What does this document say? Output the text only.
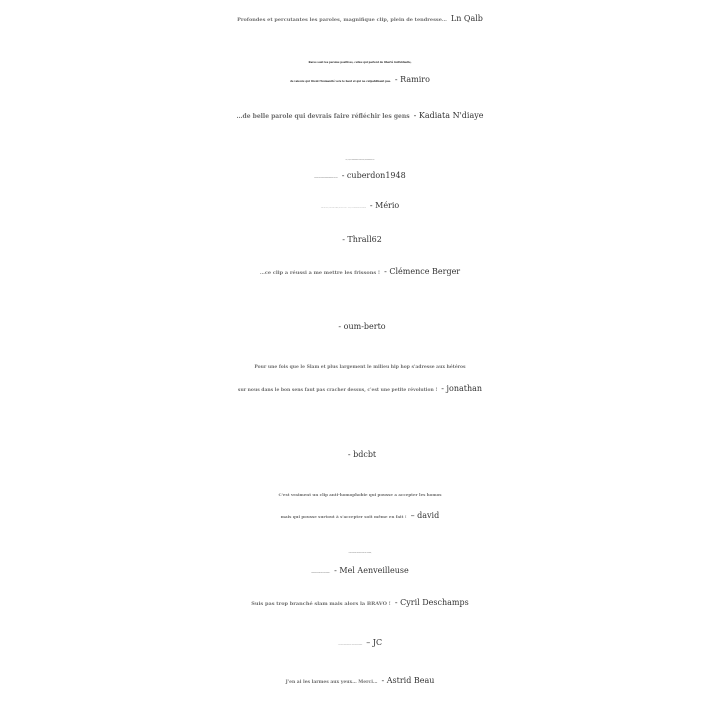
Profondes et percutantes les paroles, magnifique clip, plein de tendresse… Ln Qalb
Rares sont les paroles positives, celles qui parlent de liberté individuelle,
de valeurs qui tirent l'humanité vers le haut et qui ne culpabilisent pas. - Ramiro
…de belle parole qui devrais faire réfléchir les gens - Kadiata N'diaye
- cuberdon1948
Très beau texte, très beau rythme, très belle vidéo … enfin, les Français me surprennent - Mério
- Thrall62
…ce clip a réussi a me mettre les frissons ! - Clémence Berger
- oum-berto
Pour une fois que le Slam et plus largement le milieu hip hop s'adresse aux hétéros
sur nous dans le bon sens faut pas cracher dessus, c'est une petite révolution ! - jonathan
- bdcbt
C'est vraiment un clip anti-homophobie qui pousse a accepter les homos
mais qui pousse surtout à s'accepter soit même en fait ! – david
- Mel Aenveilleuse
Suis pas trop branché slam mais alors la BRAVO ! - Cyril Deschamps
– JC
J'en ai les larmes aux yeux… Merci… - Astrid Beau
